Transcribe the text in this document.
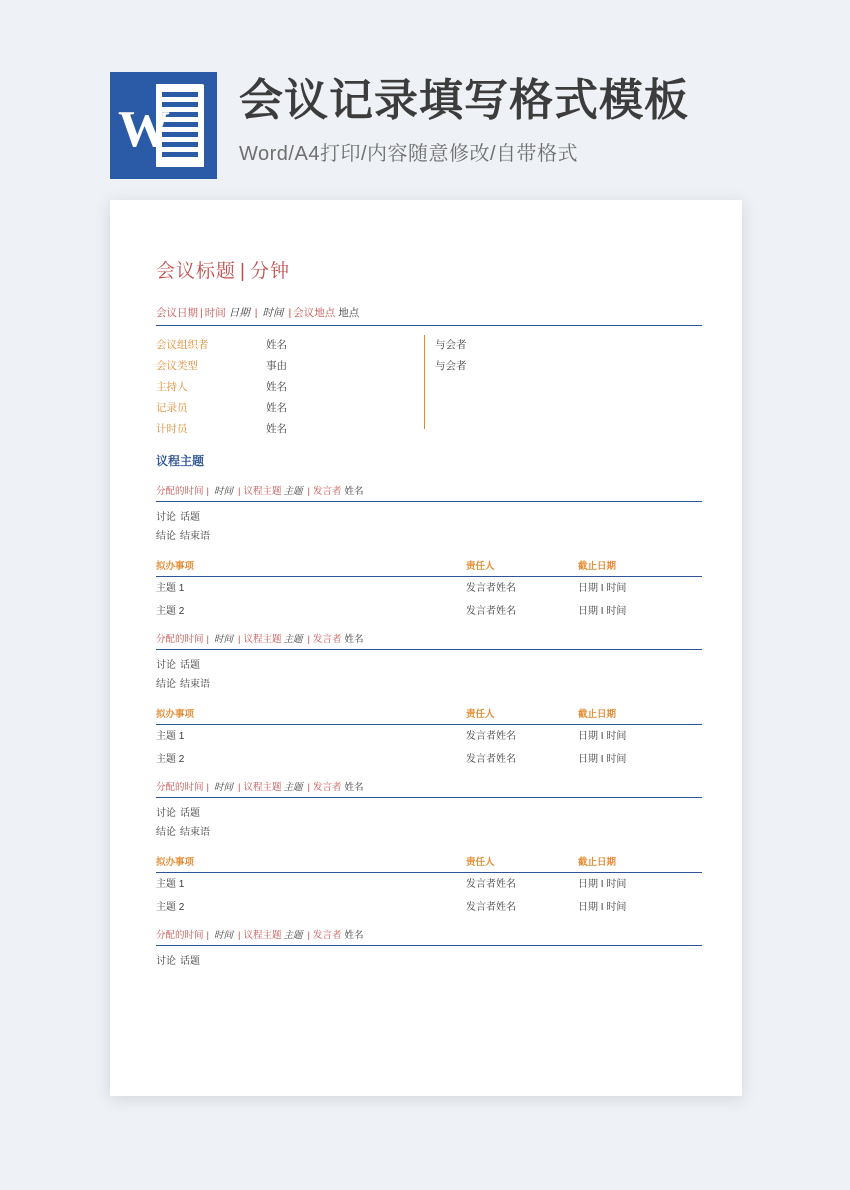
W
会议记录填写格式模板
Word/A4打印/内容随意修改/自带格式
会议标题 | 分钟
会议日期 | 时间 日期 | 时间 | 会议地点 地点
会议组织者	姓名
会议类型	事由
主持人	姓名
记录员	姓名
计时员	姓名
与会者
与会者
议程主题
分配的时间 | 时间 | 议程主题 主题 | 发言者 姓名
讨论 话题
结论 结束语
拟办事项	责任人	截止日期
主题 1	发言者姓名	日期 I 时间
主题 2	发言者姓名	日期 I 时间
分配的时间 | 时间 | 议程主题 主题 | 发言者 姓名
讨论 话题
结论 结束语
拟办事项	责任人	截止日期
主题 1	发言者姓名	日期 I 时间
主题 2	发言者姓名	日期 I 时间
分配的时间 | 时间 | 议程主题 主题 | 发言者 姓名
讨论 话题
结论 结束语
拟办事项	责任人	截止日期
主题 1	发言者姓名	日期 I 时间
主题 2	发言者姓名	日期 I 时间
分配的时间 | 时间 | 议程主题 主题 | 发言者 姓名
讨论 话题
